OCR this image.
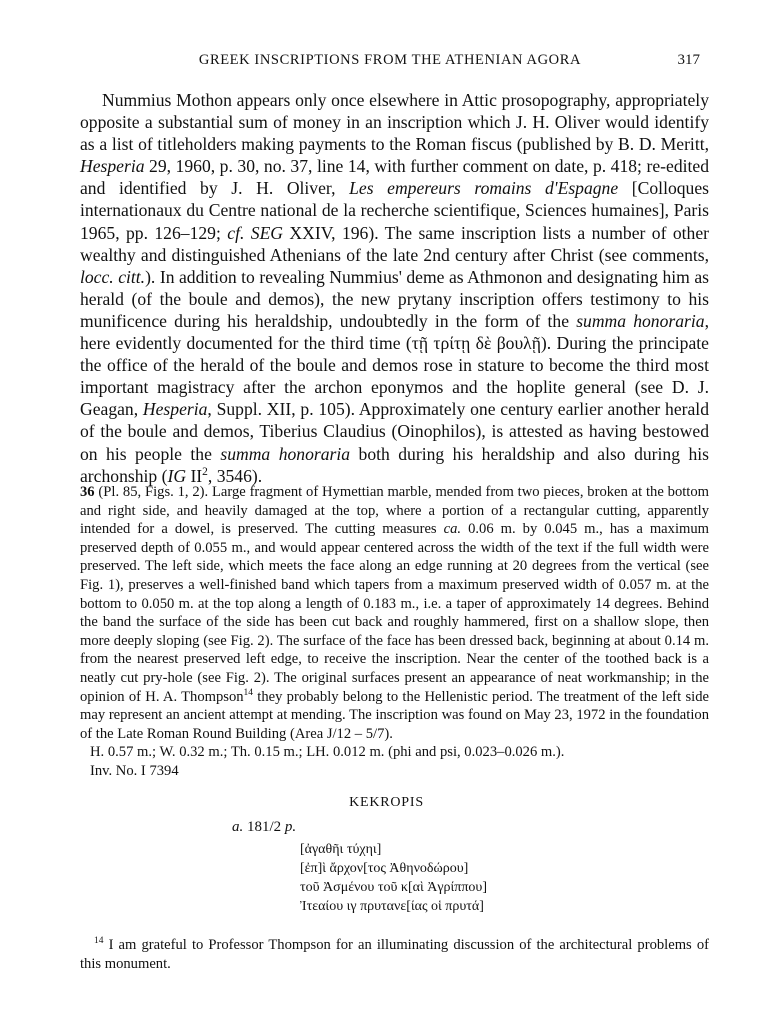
GREEK INSCRIPTIONS FROM THE ATHENIAN AGORA	317

Nummius Mothon appears only once elsewhere in Attic prosopography, appropriately opposite a substantial sum of money in an inscription which J. H. Oliver would identify as a list of titleholders making payments to the Roman fiscus (published by B. D. Meritt, Hesperia 29, 1960, p. 30, no. 37, line 14, with further comment on date, p. 418; re-edited and identified by J. H. Oliver, Les empereurs romains d'Espagne [Colloques internationaux du Centre national de la recherche scientifique, Sciences humaines], Paris 1965, pp. 126–129; cf. SEG XXIV, 196). The same inscription lists a number of other wealthy and distinguished Athenians of the late 2nd century after Christ (see comments, locc. citt.). In addition to revealing Nummius' deme as Athmonon and designating him as herald (of the boule and demos), the new prytany inscription offers testimony to his munificence during his heraldship, undoubtedly in the form of the summa honoraria, here evidently documented for the third time (τῇ τρίτῃ δὲ βουλῇ). During the principate the office of the herald of the boule and demos rose in stature to become the third most important magistracy after the archon eponymos and the hoplite general (see D. J. Geagan, Hesperia, Suppl. XII, p. 105). Approximately one century earlier another herald of the boule and demos, Tiberius Claudius (Oinophilos), is attested as having bestowed on his people the summa honoraria both during his heraldship and also during his archonship (IG $II^2$, 3546).

36 (Pl. 85, Figs. 1, 2). Large fragment of Hymettian marble, mended from two pieces, broken at the bottom and right side, and heavily damaged at the top, where a portion of a rectangular cutting, apparently intended for a dowel, is preserved. The cutting measures ca. 0.06 m. by 0.045 m., has a maximum preserved depth of 0.055 m., and would appear centered across the width of the text if the full width were preserved. The left side, which meets the face along an edge running at 20 degrees from the vertical (see Fig. 1), preserves a well-finished band which tapers from a maximum preserved width of 0.057 m. at the bottom to 0.050 m. at the top along a length of 0.183 m., i.e. a taper of approximately 14 degrees. Behind the band the surface of the side has been cut back and roughly hammered, first on a shallow slope, then more deeply sloping (see Fig. 2). The surface of the face has been dressed back, beginning at about 0.14 m. from the nearest preserved left edge, to receive the inscription. Near the center of the toothed back is a neatly cut pry-hole (see Fig. 2). The original surfaces present an appearance of neat workmanship; in the opinion of H. A. Thompson$^{14}$ they probably belong to the Hellenistic period. The treatment of the left side may represent an ancient attempt at mending. The inscription was found on May 23, 1972 in the foundation of the Late Roman Round Building (Area J/12 – 5/7).

H. 0.57 m.; W. 0.32 m.; Th. 0.15 m.; LH. 0.012 m. (phi and psi, 0.023–0.026 m.).

Inv. No. I 7394

KEKROPIS
a. 181/2 p.
[ἀγαθῆι τύχηι]
[ἐπ]ὶ ἄρχον[τος Ἀθηνοδώρου]
τοῦ Ἀσμένου τοῦ κ[αὶ Ἀγρίππου]
Ἰτεαίου ιγ πρυτανε[ίας οἱ πρυτά]
$^{14}$ I am grateful to Professor Thompson for an illuminating discussion of the architectural problems of this monument.
